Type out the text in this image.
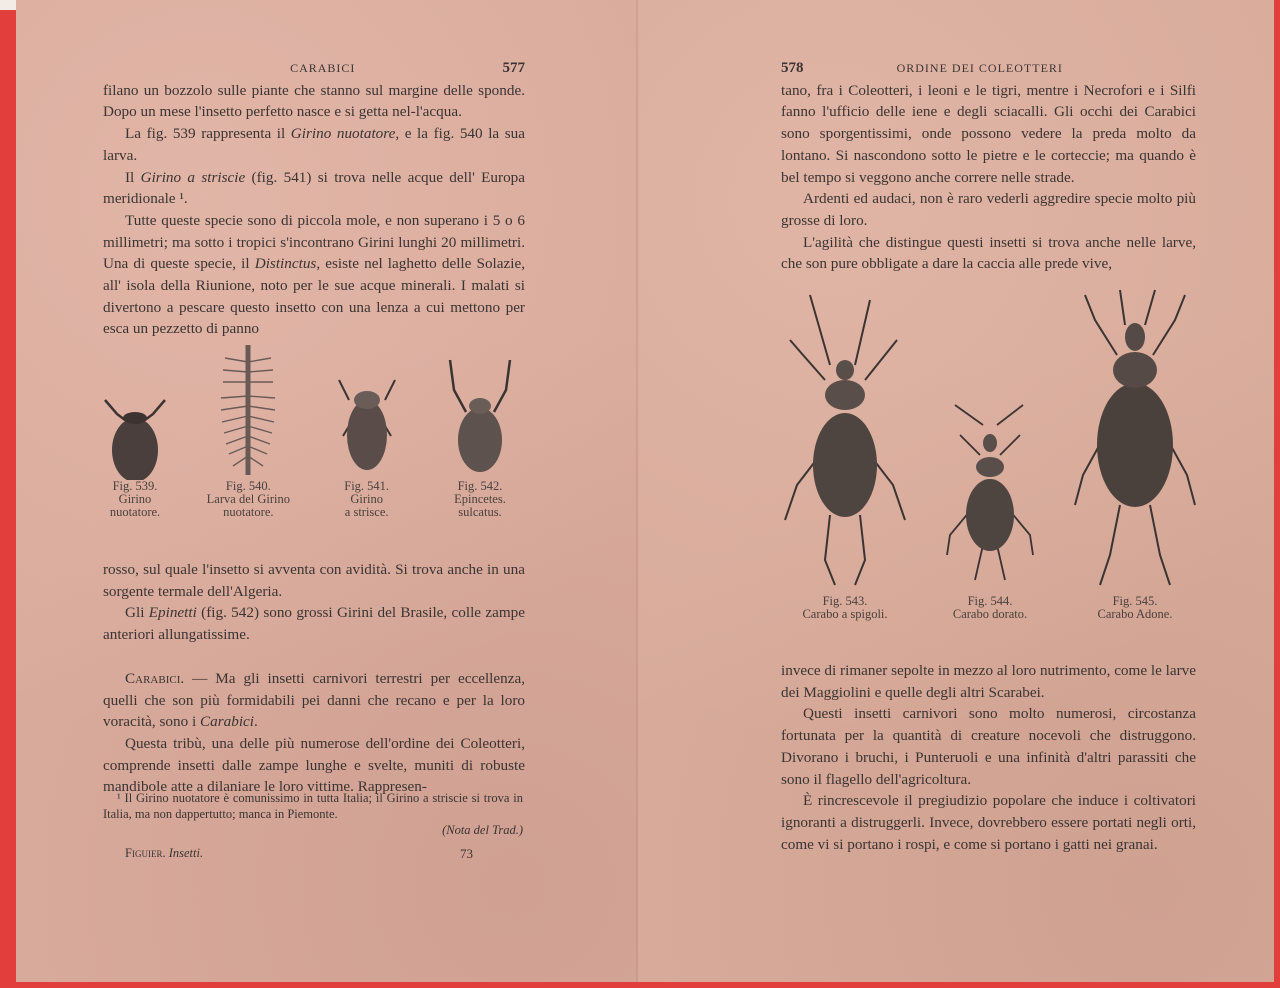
CARABICI	577

filano un bozzolo sulle piante che stanno sul margine delle sponde. Dopo un mese l'insetto perfetto nasce e si getta nel-l'acqua.

La fig. 539 rappresenta il Girino nuotatore, e la fig. 540 la sua larva.

Il Girino a striscie (fig. 541) si trova nelle acque dell' Europa meridionale ¹.

Tutte queste specie sono di piccola mole, e non superano i 5 o 6 millimetri; ma sotto i tropici s'incontrano Girini lunghi 20 millimetri. Una di queste specie, il Distinctus, esiste nel laghetto delle Solazie, all' isola della Riunione, noto per le sue acque minerali. I malati si divertono a pescare questo insetto con una lenza a cui mettono per esca un pezzetto di panno

Fig. 539.
Girino
nuotatore.
Fig. 540.
Larva del Girino
nuotatore.
Fig. 541.
Girino
a strisce.
Fig. 542.
Epincetes.
sulcatus.

rosso, sul quale l'insetto si avventa con avidità. Si trova anche in una sorgente termale dell'Algeria.

Gli Epinetti (fig. 542) sono grossi Girini del Brasile, colle zampe anteriori allungatissime.

Carabici. — Ma gli insetti carnivori terrestri per eccellenza, quelli che son più formidabili pei danni che recano e per la loro voracità, sono i Carabici.

Questa tribù, una delle più numerose dell'ordine dei Coleotteri, comprende insetti dalle zampe lunghe e svelte, muniti di robuste mandibole atte a dilaniare le loro vittime. Rappresen-

¹ Il Girino nuotatore è comunissimo in tutta Italia; il Girino a striscie si trova in Italia, ma non dappertutto; manca in Piemonte.

(Nota del Trad.)

Figuier. Insetti.	73
578	ORDINE DEI COLEOTTERI

tano, fra i Coleotteri, i leoni e le tigri, mentre i Necrofori e i Silfi fanno l'ufficio delle iene e degli sciacalli. Gli occhi dei Carabici sono sporgentissimi, onde possono vedere la preda molto da lontano. Si nascondono sotto le pietre e le corteccie; ma quando è bel tempo si veggono anche correre nelle strade.

Ardenti ed audaci, non è raro vederli aggredire specie molto più grosse di loro.

L'agilità che distingue questi insetti si trova anche nelle larve, che son pure obbligate a dare la caccia alle prede vive,

Fig. 543.
Carabo a spigoli.
Fig. 544.
Carabo dorato.
Fig. 545.
Carabo Adone.

invece di rimaner sepolte in mezzo al loro nutrimento, come le larve dei Maggiolini e quelle degli altri Scarabei.

Questi insetti carnivori sono molto numerosi, circostanza fortunata per la quantità di creature nocevoli che distruggono. Divorano i bruchi, i Punteruoli e una infinità d'altri parassiti che sono il flagello dell'agricoltura.

È rincrescevole il pregiudizio popolare che induce i coltivatori ignoranti a distruggerli. Invece, dovrebbero essere portati negli orti, come vi si portano i rospi, e come si portano i gatti nei granai.
